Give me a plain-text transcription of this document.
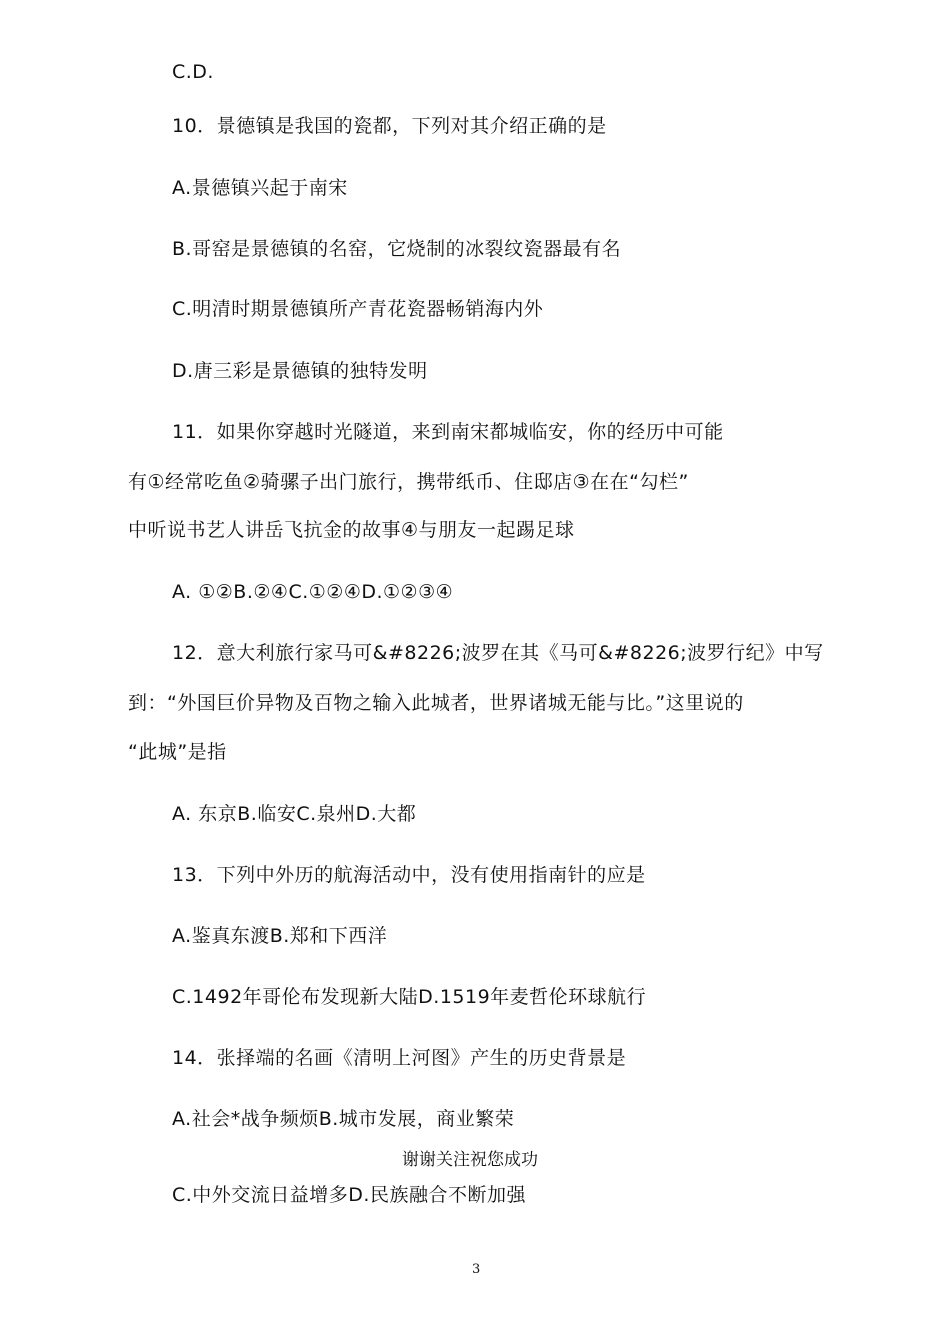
C.D.
10．景德镇是我国的瓷都，下列对其介绍正确的是
A.景德镇兴起于南宋
B.哥窑是景德镇的名窑，它烧制的冰裂纹瓷器最有名
C.明清时期景德镇所产青花瓷器畅销海内外
D.唐三彩是景德镇的独特发明
11．如果你穿越时光隧道，来到南宋都城临安，你的经历中可能
有①经常吃鱼②骑骡子出门旅行，携带纸币、住邸店③在在“勾栏”
中听说书艺人讲岳飞抗金的故事④与朋友一起踢足球
A. ①②B.②④C.①②④D.①②③④
12．意大利旅行家马可&#8226;波罗在其《马可&#8226;波罗行纪》中写
到：“外国巨价异物及百物之输入此城者，世界诸城无能与比。”这里说的
“此城”是指
A. 东京B.临安C.泉州D.大都
13．下列中外历的航海活动中，没有使用指南针的应是
A.鉴真东渡B.郑和下西洋
C.1492年哥伦布发现新大陆D.1519年麦哲伦环球航行
14．张择端的名画《清明上河图》产生的历史背景是
A.社会*战争频烦B.城市发展，商业繁荣
谢谢关注祝您成功
C.中外交流日益增多D.民族融合不断加强
3
